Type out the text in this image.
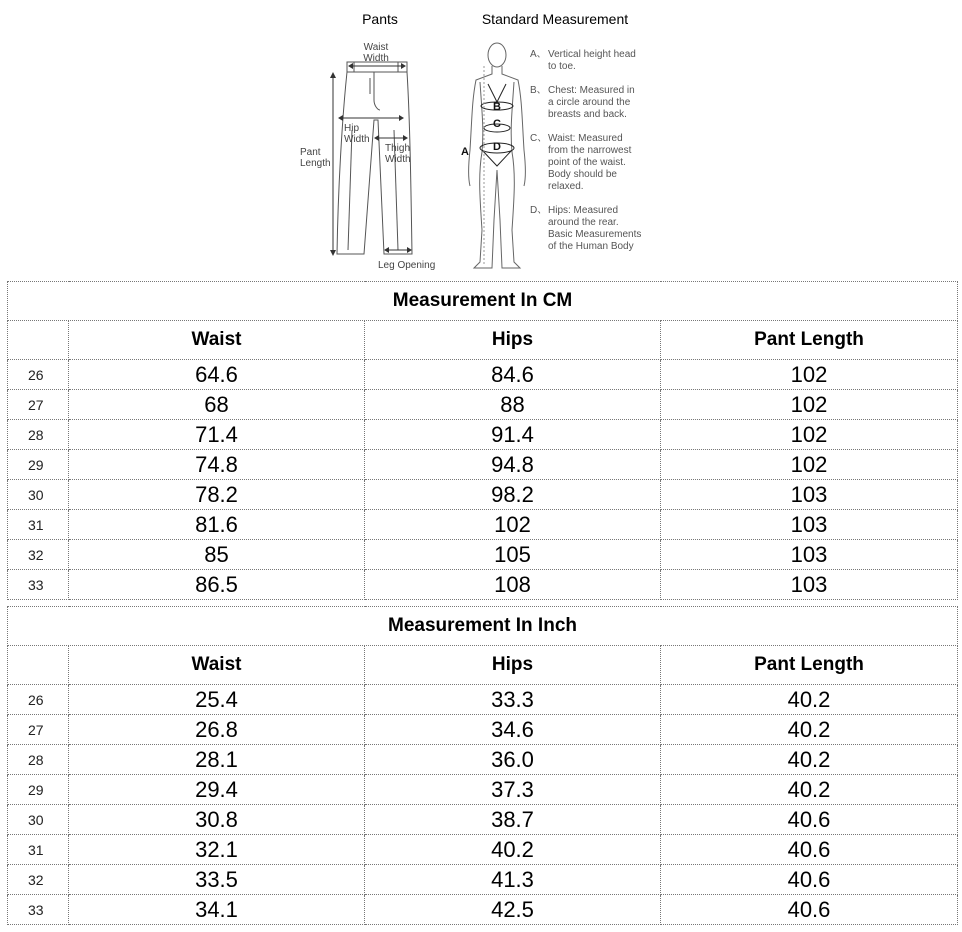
Pants	Standard Measurement
Waist
Width
Hip
Width
Thigh
Width
Pant
Length
Leg Opening
A
B
C
D
A、 Vertical height head
to toe.
B、 Chest: Measured in
a circle around the
breasts and back.
C、 Waist: Measured
from the narrowest
point of the waist.
Body should be
relaxed.
D、 Hips: Measured
around the rear.
Basic Measurements
of the Human Body
Measurement In CM			
	Waist	Hips	Pant Length
26	64.6	84.6	102
27	68	88	102
28	71.4	91.4	102
29	74.8	94.8	102
30	78.2	98.2	103
31	81.6	102	103
32	85	105	103
33	86.5	108	103
Measurement In Inch			
	Waist	Hips	Pant Length
26	25.4	33.3	40.2
27	26.8	34.6	40.2
28	28.1	36.0	40.2
29	29.4	37.3	40.2
30	30.8	38.7	40.6
31	32.1	40.2	40.6
32	33.5	41.3	40.6
33	34.1	42.5	40.6
